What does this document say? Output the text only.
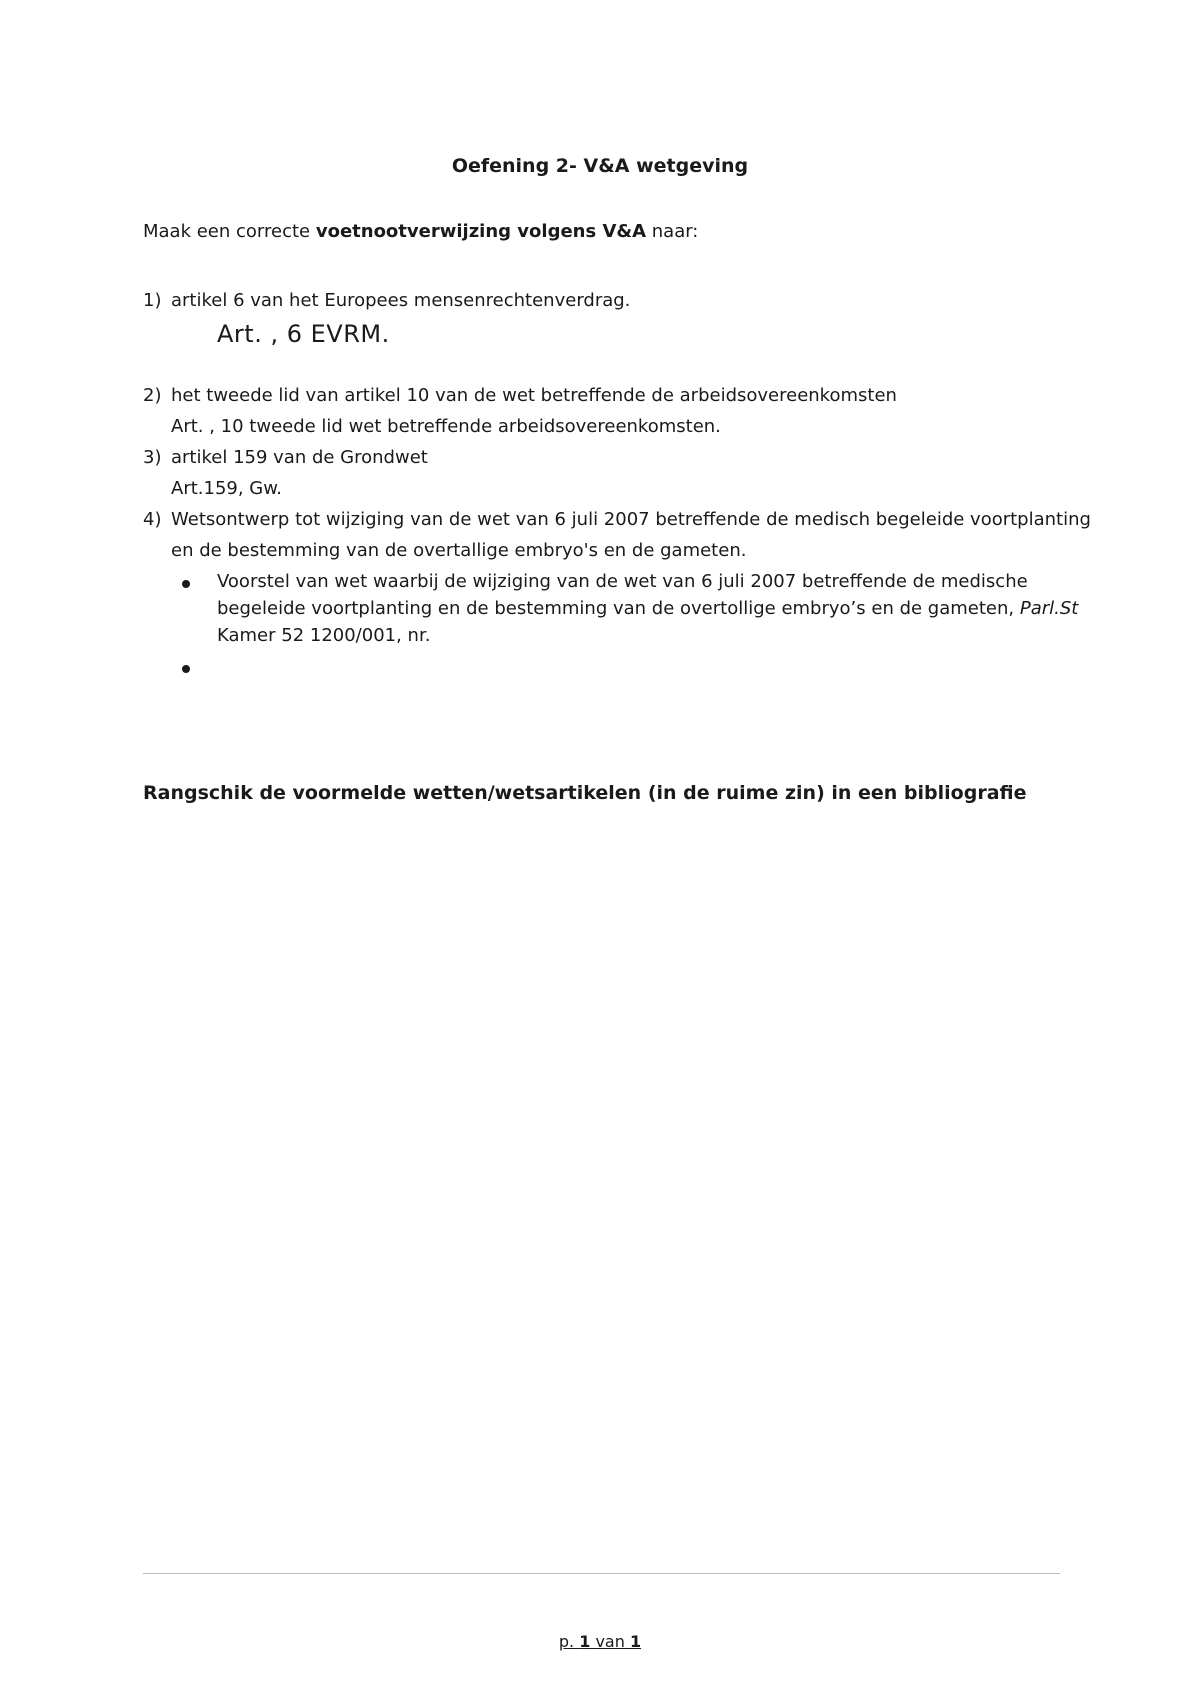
Oefening 2- V&A wetgeving
Maak een correcte voetnootverwijzing volgens V&A naar:
1) artikel 6 van het Europees mensenrechtenverdrag.
Art. , 6 EVRM.
2) het tweede lid van artikel 10 van de wet betreffende de arbeidsovereenkomsten
Art. , 10 tweede lid wet betreffende arbeidsovereenkomsten.
3) artikel 159 van de Grondwet
Art.159, Gw.
4) Wetsontwerp tot wijziging van de wet van 6 juli 2007 betreffende de medisch begeleide voortplanting
en de bestemming van de overtallige embryo's en de gameten.
Voorstel van wet waarbij de wijziging van de wet van 6 juli 2007 betreffende de medische
begeleide voortplanting en de bestemming van de overtollige embryo’s en de gameten, Parl.St
Kamer 52 1200/001, nr.
Rangschik de voormelde wetten/wetsartikelen (in de ruime zin) in een bibliografie
p. 1 van 1
